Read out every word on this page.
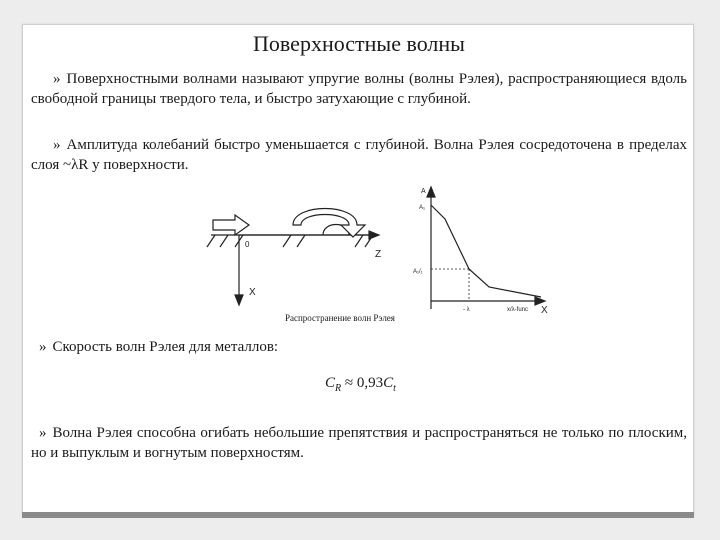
Поверхностные волны
» Поверхностными волнами называют упругие волны (волны Рэлея), распространяющиеся вдоль свободной границы твердого тела, и быстро затухающие с глубиной.
» Амплитуда колебаний быстро уменьшается с глубиной. Волна Рэлея сосредоточена в пределах слоя ~λR у поверхности.
0
Z
X
A
A₁
A₁/₁
- λ	x/λ-func X
Распространение волн Рэлея
» Скорость волн Рэлея для металлов:
$C_R \approx 0,93C_t$
» Волна Рэлея способна огибать небольшие препятствия и распространяться не только по плоским, но и выпуклым и вогнутым поверхностям.
